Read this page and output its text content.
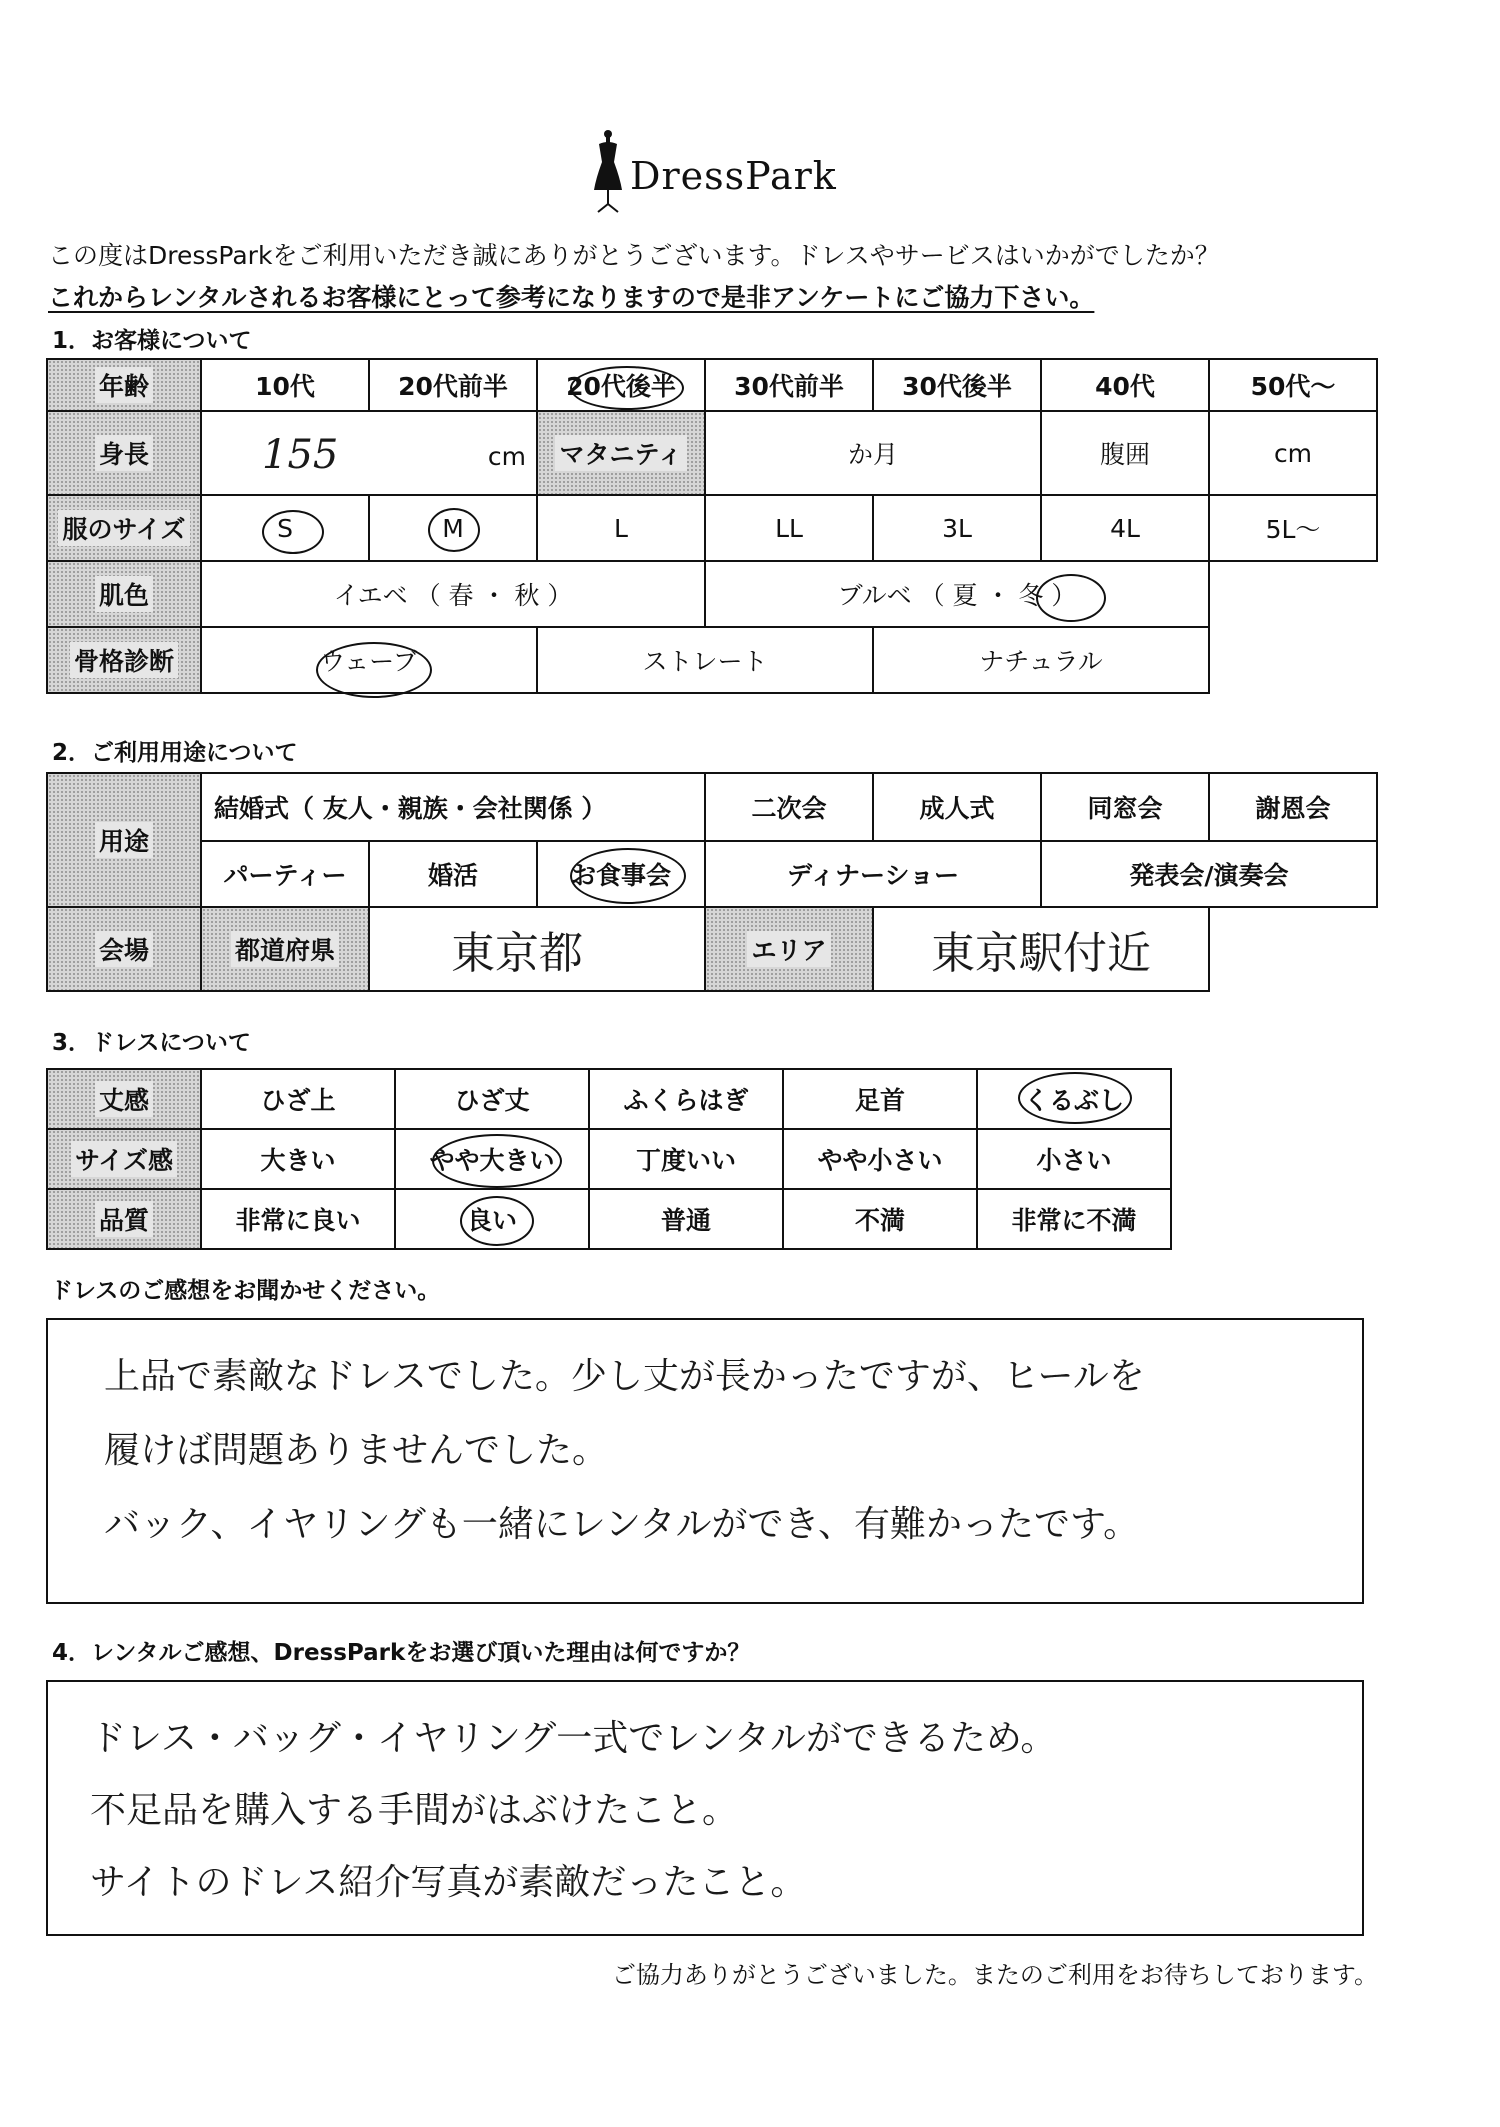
DressPark
この度はDressParkをご利用いただき誠にありがとうございます。ドレスやサービスはいかがでしたか？
これからレンタルされるお客様にとって参考になりますので是非アンケートにご協力下さい。
1．お客様について
年齢	10代	20代前半	20代後半	30代前半	30代後半	40代	50代～
身長	155	cm マタニティ	か月	腹囲	cm
服のサイズ	S	M	L	LL	3L	4L	5L～
肌色	イエベ （ 春 ・ 秋 ）	ブルベ （ 夏 ・ 冬 ）
骨格診断	ウェーブ	ストレート	ナチュラル
2．ご利用用途について
用途
結婚式（ 友人・親族・会社関係 ）	二次会	成人式	同窓会	謝恩会
パーティー	婚活	お食事会	ディナーショー	発表会/演奏会
会場	都道府県	東京都	エリア 東京駅付近
3．ドレスについて
丈感	ひざ上	ひざ丈	ふくらはぎ	足首	くるぶし
サイズ感	大きい	やや大きい	丁度いい	やや小さい	小さい
品質	非常に良い	良い	普通	不満	非常に不満
ドレスのご感想をお聞かせください。
上品で素敵なドレスでした。少し丈が長かったですが、ヒールを
履けば問題ありませんでした。
バック、イヤリングも一緒にレンタルができ、有難かったです。
4．レンタルご感想、DressParkをお選び頂いた理由は何ですか？
ドレス・バッグ・イヤリング一式でレンタルができるため。
不足品を購入する手間がはぶけたこと。
サイトのドレス紹介写真が素敵だったこと。
ご協力ありがとうございました。またのご利用をお待ちしております。
